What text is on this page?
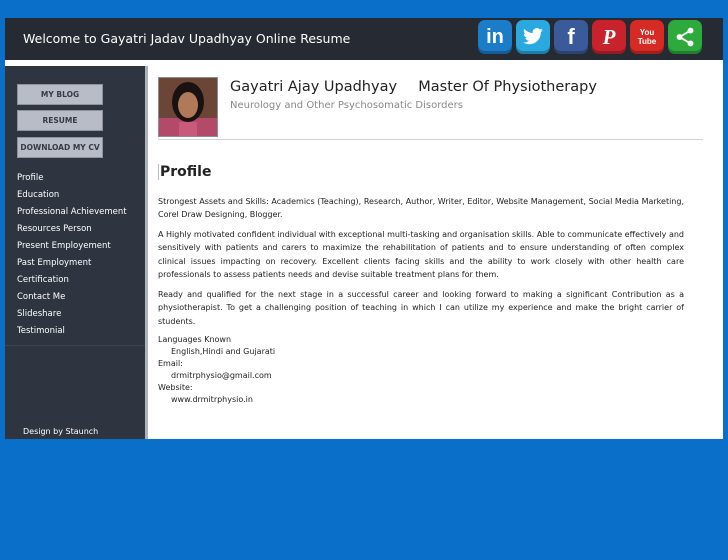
Welcome to Gayatri Jadav Upadhyay Online Resume	in	f P	You Tube
MY BLOG
RESUME
DOWNLOAD MY CV
Profile
Education
Professional Achievement
Resources Person
Present Employement
Past Employment
Certification
Contact Me
Slideshare
Testimonial
Design by Staunch
Gayatri Ajay Upadhyay Master Of Physiotherapy
Neurology and Other Psychosomatic Disorders
Profile

Strongest Assets and Skills: Academics (Teaching), Research, Author, Writer, Editor, Website Management, Social Media Marketing, Corel Draw Designing, Blogger.

A Highly motivated confident individual with exceptional multi-tasking and organisation skills. Able to communicate effectively and sensitively with patients and carers to maximize the rehabilitation of patients and to ensure understanding of often complex clinical issues impacting on recovery. Excellent clients facing skills and the ability to work closely with other health care professionals to assess patients needs and devise suitable treatment plans for them.

Ready and qualified for the next stage in a successful career and looking forward to making a significant Contribution as a physiotherapist. To get a challenging position of teaching in which I can utilize my experience and make the bright carrier of students.

Languages Known
English,Hindi and Gujarati
Email:
drmitrphysio@gmail.com
Website:
www.drmitrphysio.in
